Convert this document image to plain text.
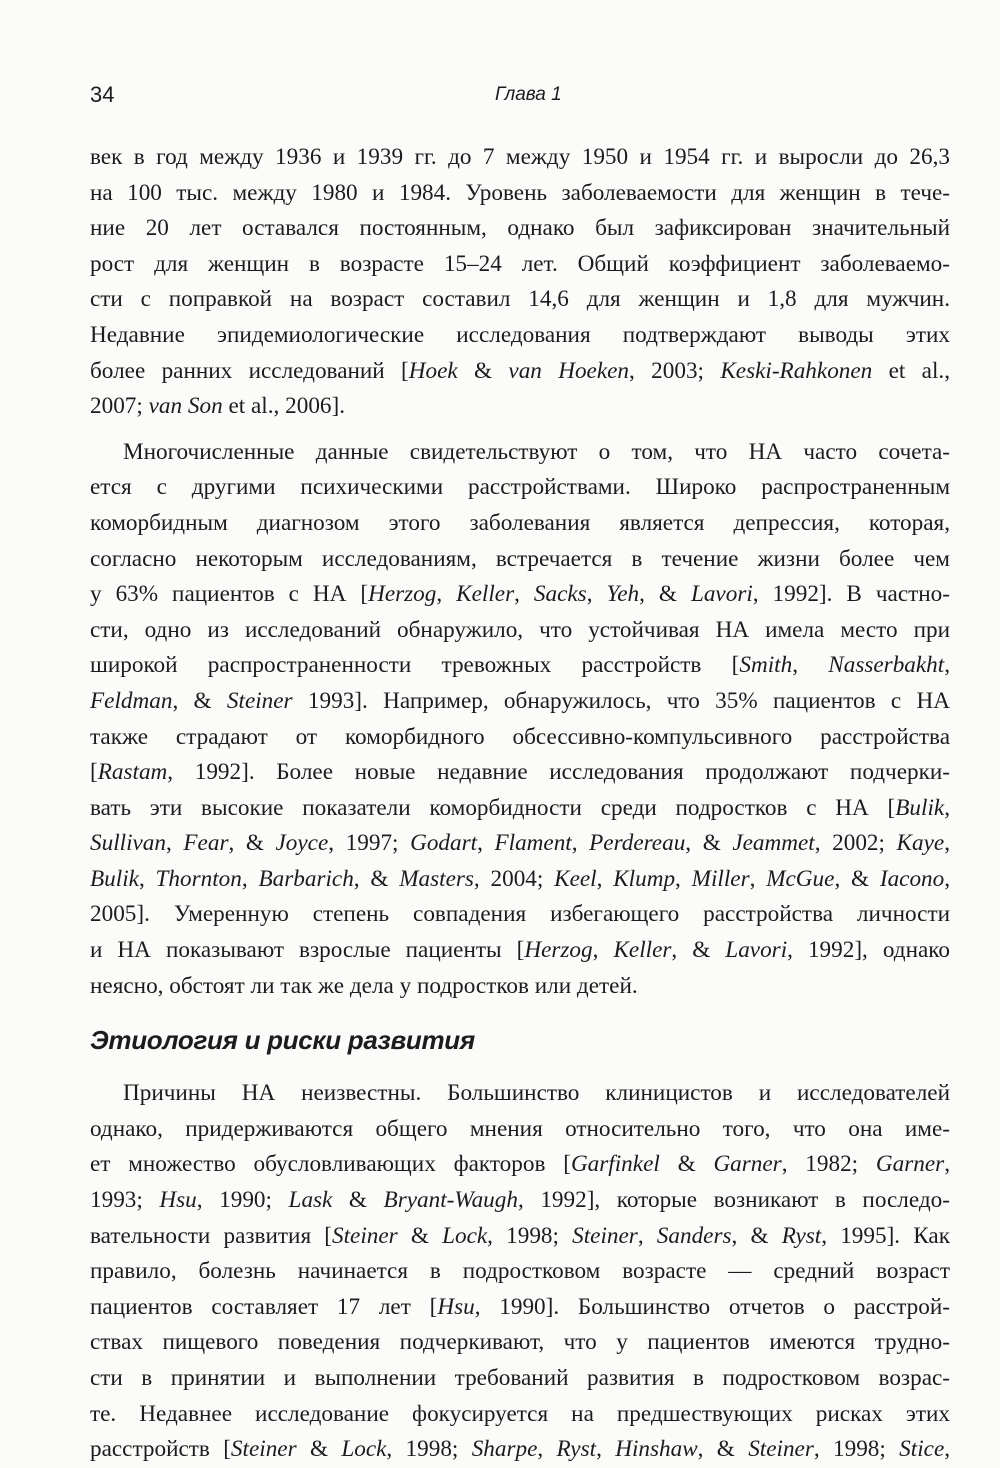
34	Глава 1
век в год между 1936 и 1939 гг. до 7 между 1950 и 1954 гг. и выросли до 26,3
на 100 тыс. между 1980 и 1984. Уровень заболеваемости для женщин в тече-
ние 20 лет оставался постоянным, однако был зафиксирован значительный
рост для женщин в возрасте 15–24 лет. Общий коэффициент заболеваемо-
сти с поправкой на возраст составил 14,6 для женщин и 1,8 для мужчин.
Недавние эпидемиологические исследования подтверждают выводы этих
более ранних исследований [Hoek & van Hoeken, 2003; Keski-Rahkonen et al.,
2007; van Son et al., 2006].
Многочисленные данные свидетельствуют о том, что НА часто сочета-
ется с другими психическими расстройствами. Широко распространенным
коморбидным диагнозом этого заболевания является депрессия, которая,
согласно некоторым исследованиям, встречается в течение жизни более чем
у 63% пациентов с НА [Herzog, Keller, Sacks, Yeh, & Lavori, 1992]. В частно-
сти, одно из исследований обнаружило, что устойчивая НА имела место при
широкой распространенности тревожных расстройств [Smith, Nasserbakht,
Feldman, & Steiner 1993]. Например, обнаружилось, что 35% пациентов с НА
также страдают от коморбидного обсессивно-компульсивного расстройства
[Rastam, 1992]. Более новые недавние исследования продолжают подчерки-
вать эти высокие показатели коморбидности среди подростков с НА [Bulik,
Sullivan, Fear, & Joyce, 1997; Godart, Flament, Perdereau, & Jeammet, 2002; Kaye,
Bulik, Thornton, Barbarich, & Masters, 2004; Keel, Klump, Miller, McGue, & Iacono,
2005]. Умеренную степень совпадения избегающего расстройства личности
и НА показывают взрослые пациенты [Herzog, Keller, & Lavori, 1992], однако
неясно, обстоят ли так же дела у подростков или детей.
Этиология и риски развития
Причины НА неизвестны. Большинство клиницистов и исследователей
однако, придерживаются общего мнения относительно того, что она име-
ет множество обусловливающих факторов [Garfinkel & Garner, 1982; Garner,
1993; Hsu, 1990; Lask & Bryant-Waugh, 1992], которые возникают в последо-
вательности развития [Steiner & Lock, 1998; Steiner, Sanders, & Ryst, 1995]. Как
правило, болезнь начинается в подростковом возрасте — средний возраст
пациентов составляет 17 лет [Hsu, 1990]. Большинство отчетов о расстрой-
ствах пищевого поведения подчеркивают, что у пациентов имеются трудно-
сти в принятии и выполнении требований развития в подростковом возрас-
те. Недавнее исследование фокусируется на предшествующих рисках этих
расстройств [Steiner & Lock, 1998; Sharpe, Ryst, Hinshaw, & Steiner, 1998; Stice,
